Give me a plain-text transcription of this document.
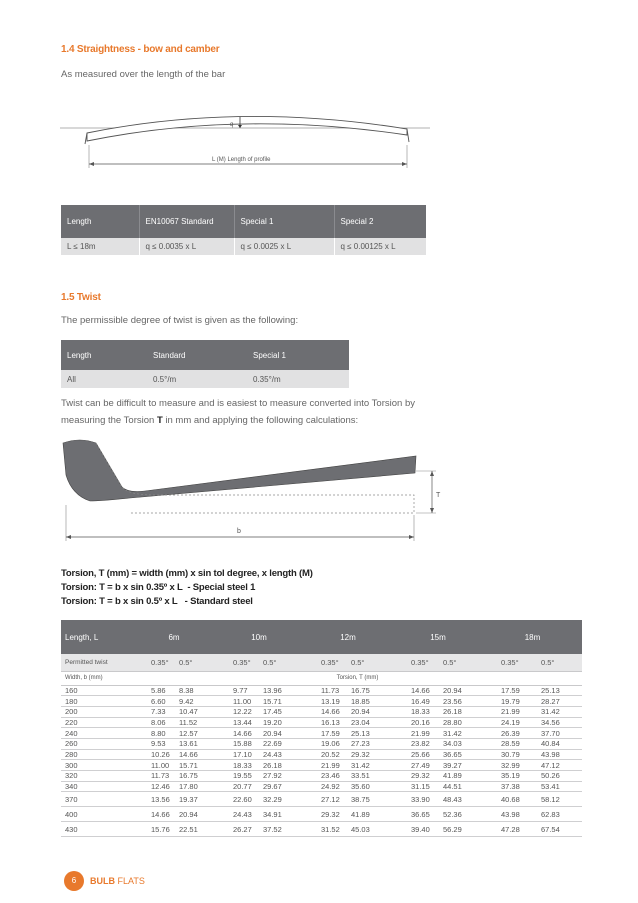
1.4 Straightness - bow and camber
As measured over the length of the bar
q
L (M) Length of profile
Length	EN10067 Standard	Special 1	Special 2
L ≤ 18m	q ≤ 0.0035 x L	q ≤ 0.0025 x L	q ≤ 0.00125 x L
1.5 Twist
The permissible degree of twist is given as the following:
Length	Standard	Special 1
All	0.5°/m	0.35°/m
Twist can be difficult to measure and is easiest to measure converted into Torsion by
measuring the Torsion T in mm and applying the following calculations:
T
b
Torsion, T (mm) = width (mm) x sin tol degree, x length (M)
Torsion: T = b x sin 0.35º x L  - Special steel 1
Torsion: T = b x sin 0.5º x L   - Standard steel
Length, L	6m		10m		12m		15m		18m	
Permitted twist	0.35°	0.5°	0.35°	0.5°	0.35°	0.5°	0.35°	0.5°	0.35°	0.5°
Width, b (mm)	Torsion, T (mm)									
160	5.86	8.38	9.77	13.96	11.73	16.75	14.66	20.94	17.59	25.13
180	6.60	9.42	11.00	15.71	13.19	18.85	16.49	23.56	19.79	28.27
200	7.33	10.47	12.22	17.45	14.66	20.94	18.33	26.18	21.99	31.42
220	8.06	11.52	13.44	19.20	16.13	23.04	20.16	28.80	24.19	34.56
240	8.80	12.57	14.66	20.94	17.59	25.13	21.99	31.42	26.39	37.70
260	9.53	13.61	15.88	22.69	19.06	27.23	23.82	34.03	28.59	40.84
280	10.26	14.66	17.10	24.43	20.52	29.32	25.66	36.65	30.79	43.98
300	11.00	15.71	18.33	26.18	21.99	31.42	27.49	39.27	32.99	47.12
320	11.73	16.75	19.55	27.92	23.46	33.51	29.32	41.89	35.19	50.26
340	12.46	17.80	20.77	29.67	24.92	35.60	31.15	44.51	37.38	53.41
370	13.56	19.37	22.60	32.29	27.12	38.75	33.90	48.43	40.68	58.12
400	14.66	20.94	24.43	34.91	29.32	41.89	36.65	52.36	43.98	62.83
430	15.76	22.51	26.27	37.52	31.52	45.03	39.40	56.29	47.28	67.54
6	BULB FLATS
